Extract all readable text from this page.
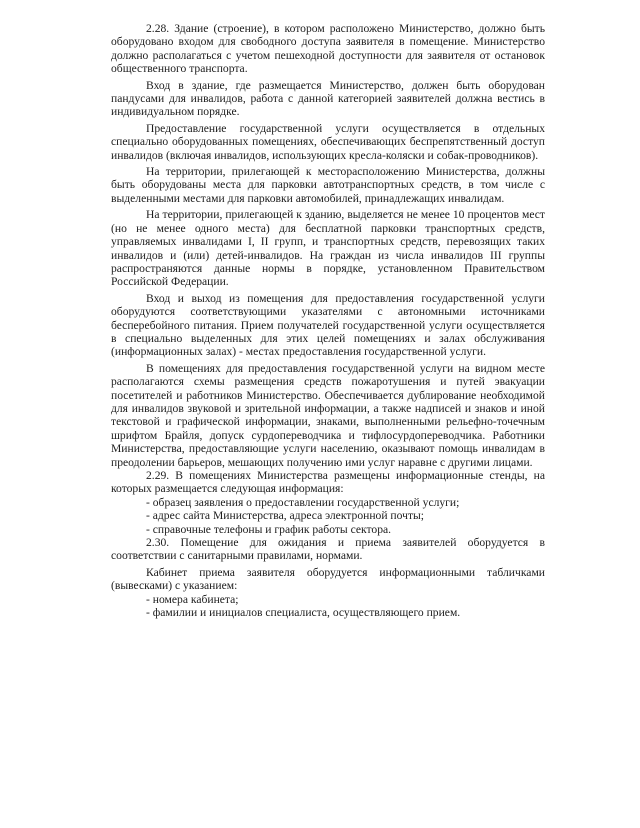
2.28. Здание (строение), в котором расположено Министерство, должно быть оборудовано входом для свободного доступа заявителя в помещение. Министерство должно располагаться с учетом пешеходной доступности для заявителя от остановок общественного транспорта.

Вход в здание, где размещается Министерство, должен быть оборудован пандусами для инвалидов, работа с данной категорией заявителей должна вестись в индивидуальном порядке.

Предоставление государственной услуги осуществляется в отдельных специально оборудованных помещениях, обеспечивающих беспрепятственный доступ инвалидов (включая инвалидов, использующих кресла-коляски и собак-проводников).

На территории, прилегающей к месторасположению Министерства, должны быть оборудованы места для парковки автотранспортных средств, в том числе с выделенными местами для парковки автомобилей, принадлежащих инвалидам.

На территории, прилегающей к зданию, выделяется не менее 10 процентов мест (но не менее одного места) для бесплатной парковки транспортных средств, управляемых инвалидами I, II групп, и транспортных средств, перевозящих таких инвалидов и (или) детей-инвалидов. На граждан из числа инвалидов III группы распространяются данные нормы в порядке, установленном Правительством Российской Федерации.

Вход и выход из помещения для предоставления государственной услуги оборудуются соответствующими указателями с автономными источниками бесперебойного питания. Прием получателей государственной услуги осуществляется в специально выделенных для этих целей помещениях и залах обслуживания (информационных залах) - местах предоставления государственной услуги.

В помещениях для предоставления государственной услуги на видном месте располагаются схемы размещения средств пожаротушения и путей эвакуации посетителей и работников Министерство. Обеспечивается дублирование необходимой для инвалидов звуковой и зрительной информации, а также надписей и знаков и иной текстовой и графической информации, знаками, выполненными рельефно-точечным шрифтом Брайля, допуск сурдопереводчика и тифлосурдопереводчика. Работники Министерства, предоставляющие услуги населению, оказывают помощь инвалидам в преодолении барьеров, мешающих получению ими услуг наравне с другими лицами.

2.29. В помещениях Министерства размещены информационные стенды, на которых размещается следующая информация:

- образец заявления о предоставлении государственной услуги;

- адрес сайта Министерства, адреса электронной почты;

- справочные телефоны и график работы сектора.

2.30. Помещение для ожидания и приема заявителей оборудуется в соответствии с санитарными правилами, нормами.

Кабинет приема заявителя оборудуется информационными табличками (вывесками) с указанием:

- номера кабинета;

- фамилии и инициалов специалиста, осуществляющего прием.
